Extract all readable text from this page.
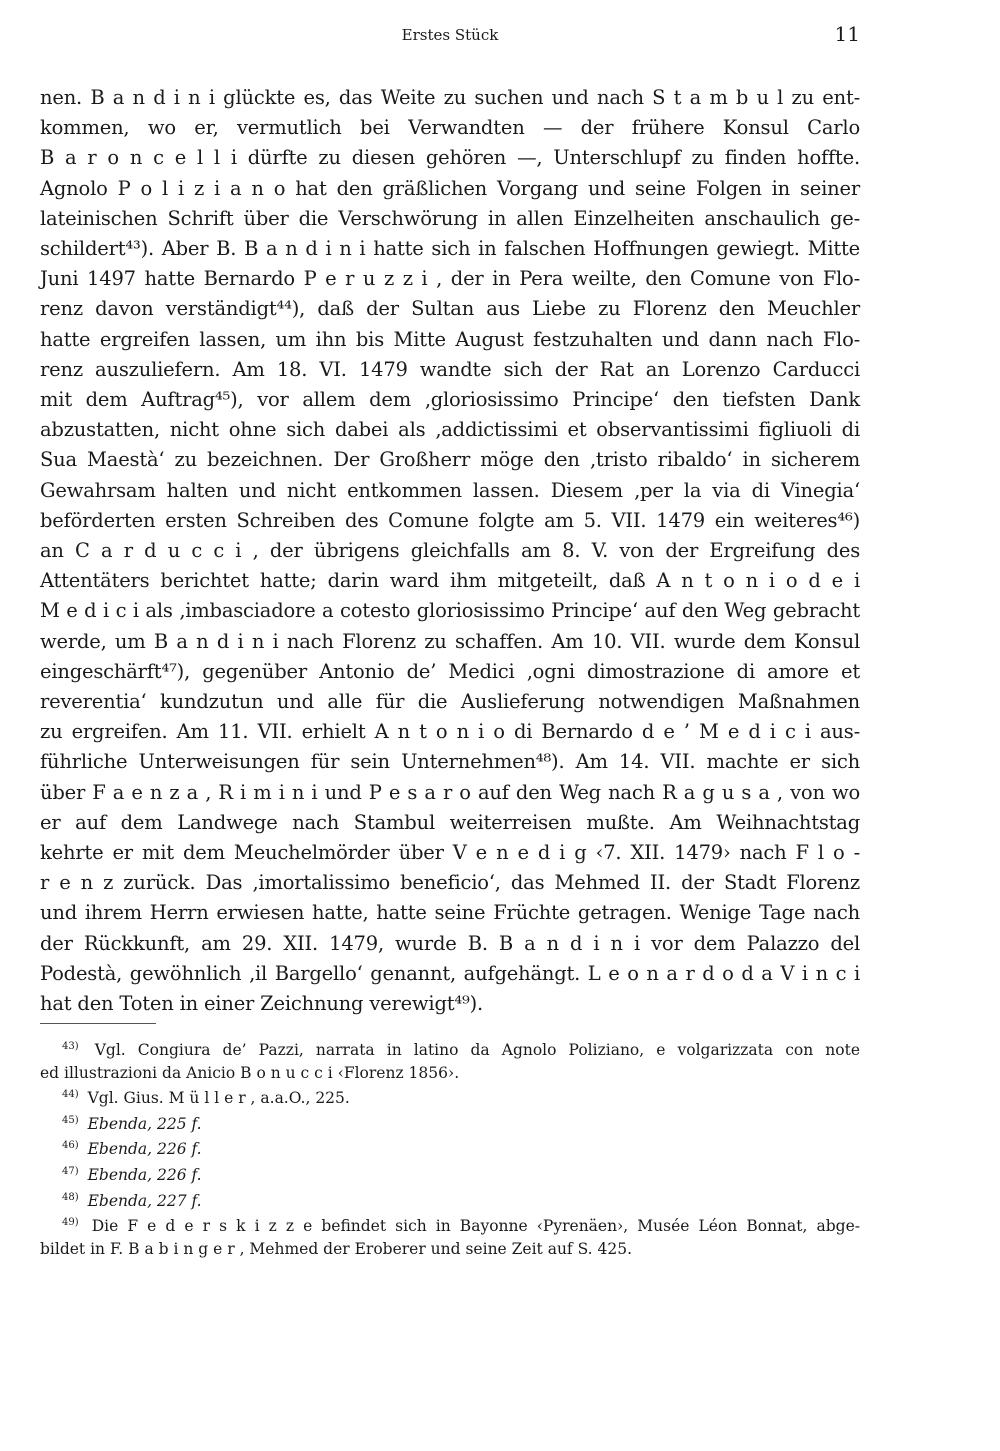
Erstes Stück	11
nen. B a n d i n i glückte es, das Weite zu suchen und nach S t a m b u l zu ent-
kommen, wo er, vermutlich bei Verwandten — der frühere Konsul Carlo
B a r o n c e l l i dürfte zu diesen gehören —, Unterschlupf zu finden hoffte.
Agnolo P o l i z i a n o hat den gräßlichen Vorgang und seine Folgen in seiner
lateinischen Schrift über die Verschwörung in allen Einzelheiten anschaulich ge-
schildert⁴³). Aber B. B a n d i n i hatte sich in falschen Hoffnungen gewiegt. Mitte
Juni 1497 hatte Bernardo P e r u z z i , der in Pera weilte, den Comune von Flo-
renz davon verständigt⁴⁴), daß der Sultan aus Liebe zu Florenz den Meuchler
hatte ergreifen lassen, um ihn bis Mitte August festzuhalten und dann nach Flo-
renz auszuliefern. Am 18. VI. 1479 wandte sich der Rat an Lorenzo Carducci
mit dem Auftrag⁴⁵), vor allem dem ‚gloriosissimo Principe‘ den tiefsten Dank
abzustatten, nicht ohne sich dabei als ‚addictissimi et observantissimi figliuoli di
Sua Maestà‘ zu bezeichnen. Der Großherr möge den ‚tristo ribaldo‘ in sicherem
Gewahrsam halten und nicht entkommen lassen. Diesem ‚per la via di Vinegia‘
beförderten ersten Schreiben des Comune folgte am 5. VII. 1479 ein weiteres⁴⁶)
an C a r d u c c i , der übrigens gleichfalls am 8. V. von der Ergreifung des
Attentäters berichtet hatte; darin ward ihm mitgeteilt, daß A n t o n i o d e i
M e d i c i als ‚imbasciadore a cotesto gloriosissimo Principe‘ auf den Weg gebracht
werde, um B a n d i n i nach Florenz zu schaffen. Am 10. VII. wurde dem Konsul
eingeschärft⁴⁷), gegenüber Antonio de’ Medici ‚ogni dimostrazione di amore et
reverentia‘ kundzutun und alle für die Auslieferung notwendigen Maßnahmen
zu ergreifen. Am 11. VII. erhielt A n t o n i o di Bernardo d e ’ M e d i c i aus-
führliche Unterweisungen für sein Unternehmen⁴⁸). Am 14. VII. machte er sich
über F a e n z a , R i m i n i und P e s a r o auf den Weg nach R a g u s a , von wo
er auf dem Landwege nach Stambul weiterreisen mußte. Am Weihnachtstag
kehrte er mit dem Meuchelmörder über V e n e d i g ‹7. XII. 1479› nach F l o -
r e n z zurück. Das ‚imortalissimo beneficio‘, das Mehmed II. der Stadt Florenz
und ihrem Herrn erwiesen hatte, hatte seine Früchte getragen. Wenige Tage nach
der Rückkunft, am 29. XII. 1479, wurde B. B a n d i n i vor dem Palazzo del
Podestà, gewöhnlich ‚il Bargello‘ genannt, aufgehängt. L e o n a r d o d a V i n c i
hat den Toten in einer Zeichnung verewigt⁴⁹).
$^{43)}$ Vgl. Congiura de’ Pazzi, narrata in latino da Agnolo Poliziano, e volgarizzata con note
ed illustrazioni da Anicio B o n u c c i ‹Florenz 1856›.
$^{44)}$ Vgl. Gius. M ü l l e r , a.a.O., 225.
$^{45)}$ Ebenda, 225 f.
$^{46)}$ Ebenda, 226 f.
$^{47)}$ Ebenda, 226 f.
$^{48)}$ Ebenda, 227 f.
$^{49)}$ Die F e d e r s k i z z e befindet sich in Bayonne ‹Pyrenäen›, Musée Léon Bonnat, abge-
bildet in F. B a b i n g e r , Mehmed der Eroberer und seine Zeit auf S. 425.
